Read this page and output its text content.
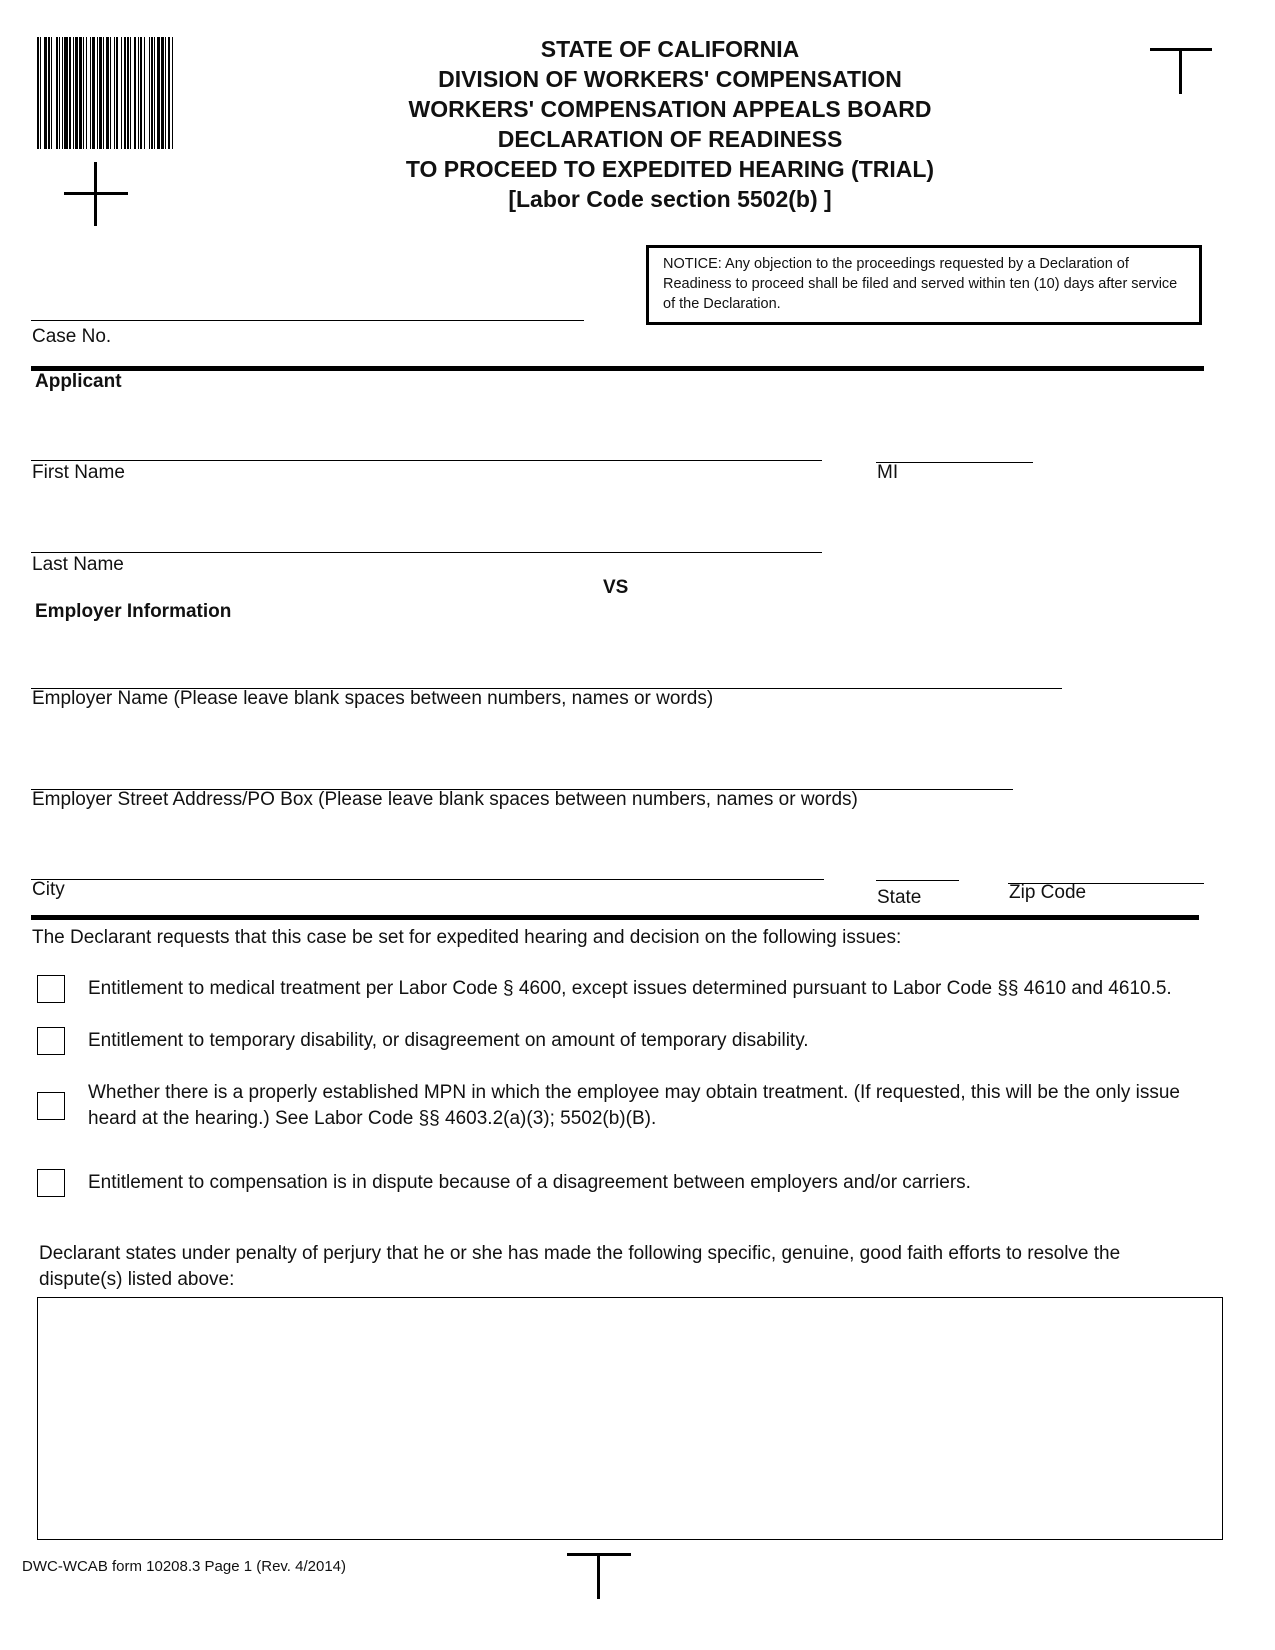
STATE OF CALIFORNIA
DIVISION OF WORKERS' COMPENSATION
WORKERS' COMPENSATION APPEALS BOARD
DECLARATION OF READINESS
TO PROCEED TO EXPEDITED HEARING (TRIAL)
[Labor Code section 5502(b) ]
NOTICE: Any objection to the proceedings requested by a Declaration of Readiness to proceed shall be filed and served within ten (10) days after service of the Declaration.
Case No.
Applicant
First Name	MI
Last Name
VS
Employer Information
Employer Name (Please leave blank spaces between numbers, names or words)
Employer Street Address/PO Box (Please leave blank spaces between numbers, names or words)
City	State	Zip Code
The Declarant requests that this case be set for expedited hearing and decision on the following issues:
Entitlement to medical treatment per Labor Code § 4600, except issues determined pursuant to Labor Code §§ 4610 and 4610.5.
Entitlement to temporary disability, or disagreement on amount of temporary disability.
Whether there is a properly established MPN in which the employee may obtain treatment. (If requested, this will be the only issue heard at the hearing.) See Labor Code §§ 4603.2(a)(3); 5502(b)(B).
Entitlement to compensation is in dispute because of a disagreement between employers and/or carriers.
Declarant states under penalty of perjury that he or she has made the following specific, genuine, good faith efforts to resolve the dispute(s) listed above:
DWC-WCAB form 10208.3 Page 1 (Rev. 4/2014)
